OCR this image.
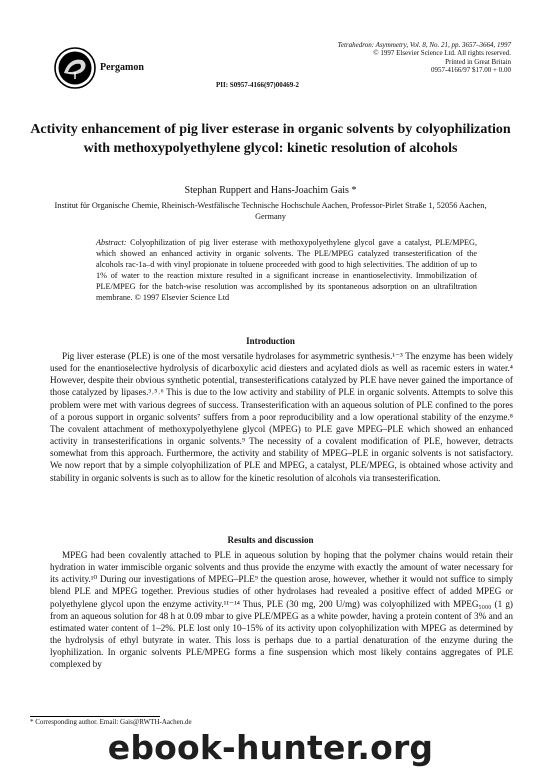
Pergamon
Tetrahedron: Asymmetry, Vol. 8, No. 21, pp. 3657–3664, 1997
© 1997 Elsevier Science Ltd. All rights reserved.
Printed in Great Britain
0957-4166/97 $17.00 + 0.00
PII: S0957-4166(97)00469-2
Activity enhancement of pig liver esterase in organic solvents by colyophilization with methoxypolyethylene glycol: kinetic resolution of alcohols
Stephan Ruppert and Hans-Joachim Gais *
Institut für Organische Chemie, Rheinisch-Westfälische Technische Hochschule Aachen, Professor-Pirlet Straße 1, 52056 Aachen, Germany
Abstract: Colyophilization of pig liver esterase with methoxypolyethylene glycol gave a catalyst, PLE/MPEG, which showed an enhanced activity in organic solvents. The PLE/MPEG catalyzed transesterification of the alcohols rac-1a–d with vinyl propionate in toluene proceeded with good to high selectivities. The addition of up to 1% of water to the reaction mixture resulted in a significant increase in enantioselectivity. Immobilization of PLE/MPEG for the batch-wise resolution was accomplished by its spontaneous adsorption on an ultrafiltration membrane. © 1997 Elsevier Science Ltd
Introduction
Pig liver esterase (PLE) is one of the most versatile hydrolases for asymmetric synthesis.¹⁻³ The enzyme has been widely used for the enantioselective hydrolysis of dicarboxylic acid diesters and acylated diols as well as racemic esters in water.⁴ However, despite their obvious synthetic potential, transesterifications catalyzed by PLE have never gained the importance of those catalyzed by lipases.³˒⁵˒⁶ This is due to the low activity and stability of PLE in organic solvents. Attempts to solve this problem were met with various degrees of success. Transesterification with an aqueous solution of PLE confined to the pores of a porous support in organic solvents⁷ suffers from a poor reproducibility and a low operational stability of the enzyme.⁸ The covalent attachment of methoxypolyethylene glycol (MPEG) to PLE gave MPEG–PLE which showed an enhanced activity in transesterifications in organic solvents.⁹ The necessity of a covalent modification of PLE, however, detracts somewhat from this approach. Furthermore, the activity and stability of MPEG–PLE in organic solvents is not satisfactory. We now report that by a simple colyophilization of PLE and MPEG, a catalyst, PLE/MPEG, is obtained whose activity and stability in organic solvents is such as to allow for the kinetic resolution of alcohols via transesterification.
Results and discussion
MPEG had been covalently attached to PLE in aqueous solution by hoping that the polymer chains would retain their hydration in water immiscible organic solvents and thus provide the enzyme with exactly the amount of water necessary for its activity.¹⁰ During our investigations of MPEG–PLE⁹ the question arose, however, whether it would not suffice to simply blend PLE and MPEG together. Previous studies of other hydrolases had revealed a positive effect of added MPEG or polyethylene glycol upon the enzyme activity.¹¹⁻¹⁴ Thus, PLE (30 mg, 200 U/mg) was colyophilized with MPEG₅₀₀₀ (1 g) from an aqueous solution for 48 h at 0.09 mbar to give PLE/MPEG as a white powder, having a protein content of 3% and an estimated water content of 1–2%. PLE lost only 10–15% of its activity upon colyophilization with MPEG as determined by the hydrolysis of ethyl butyrate in water. This loss is perhaps due to a partial denaturation of the enzyme during the lyophilization. In organic solvents PLE/MPEG forms a fine suspension which most likely contains aggregates of PLE complexed by
* Corresponding author. Email: Gais@RWTH-Aachen.de
ebook-hunter.org
